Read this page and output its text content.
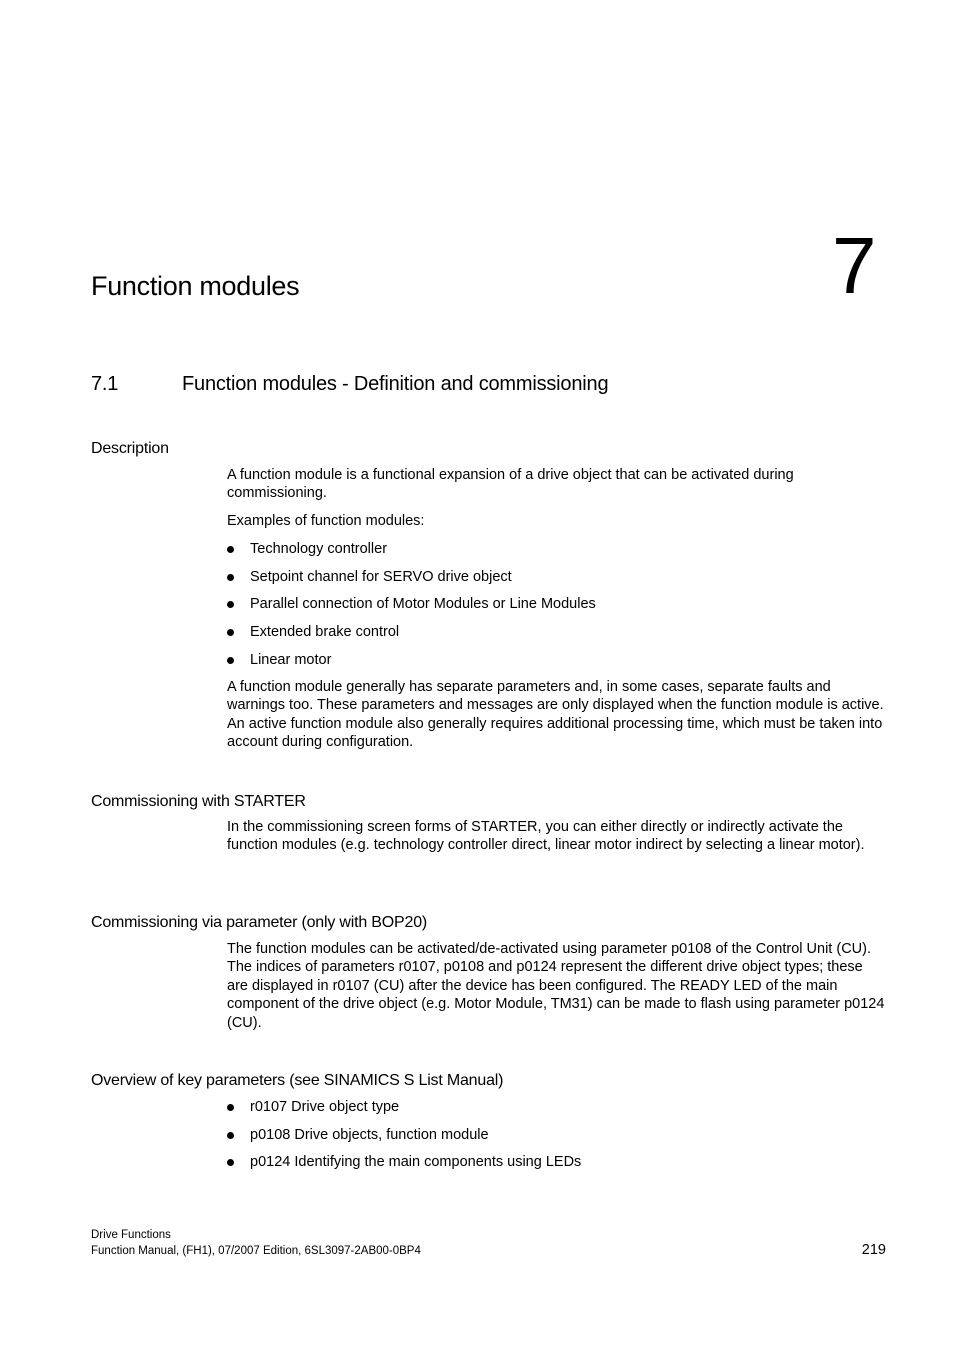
7
Function modules
7.1	Function modules - Definition and commissioning
Description

A function module is a functional expansion of a drive object that can be activated during commissioning.

Examples of function modules:

Technology controller
Setpoint channel for SERVO drive object
Parallel connection of Motor Modules or Line Modules
Extended brake control
Linear motor

A function module generally has separate parameters and, in some cases, separate faults and warnings too. These parameters and messages are only displayed when the function module is active. An active function module also generally requires additional processing time, which must be taken into account during configuration.

Commissioning with STARTER

In the commissioning screen forms of STARTER, you can either directly or indirectly activate the function modules (e.g. technology controller direct, linear motor indirect by selecting a linear motor).

Commissioning via parameter (only with BOP20)

The function modules can be activated/de-activated using parameter p0108 of the Control Unit (CU). The indices of parameters r0107, p0108 and p0124 represent the different drive object types; these are displayed in r0107 (CU) after the device has been configured. The READY LED of the main component of the drive object (e.g. Motor Module, TM31) can be made to flash using parameter p0124 (CU).

Overview of key parameters (see SINAMICS S List Manual)
r0107 Drive object type
p0108 Drive objects, function module
p0124 Identifying the main components using LEDs
Drive Functions
Function Manual, (FH1), 07/2007 Edition, 6SL3097-2AB00-0BP4	219
